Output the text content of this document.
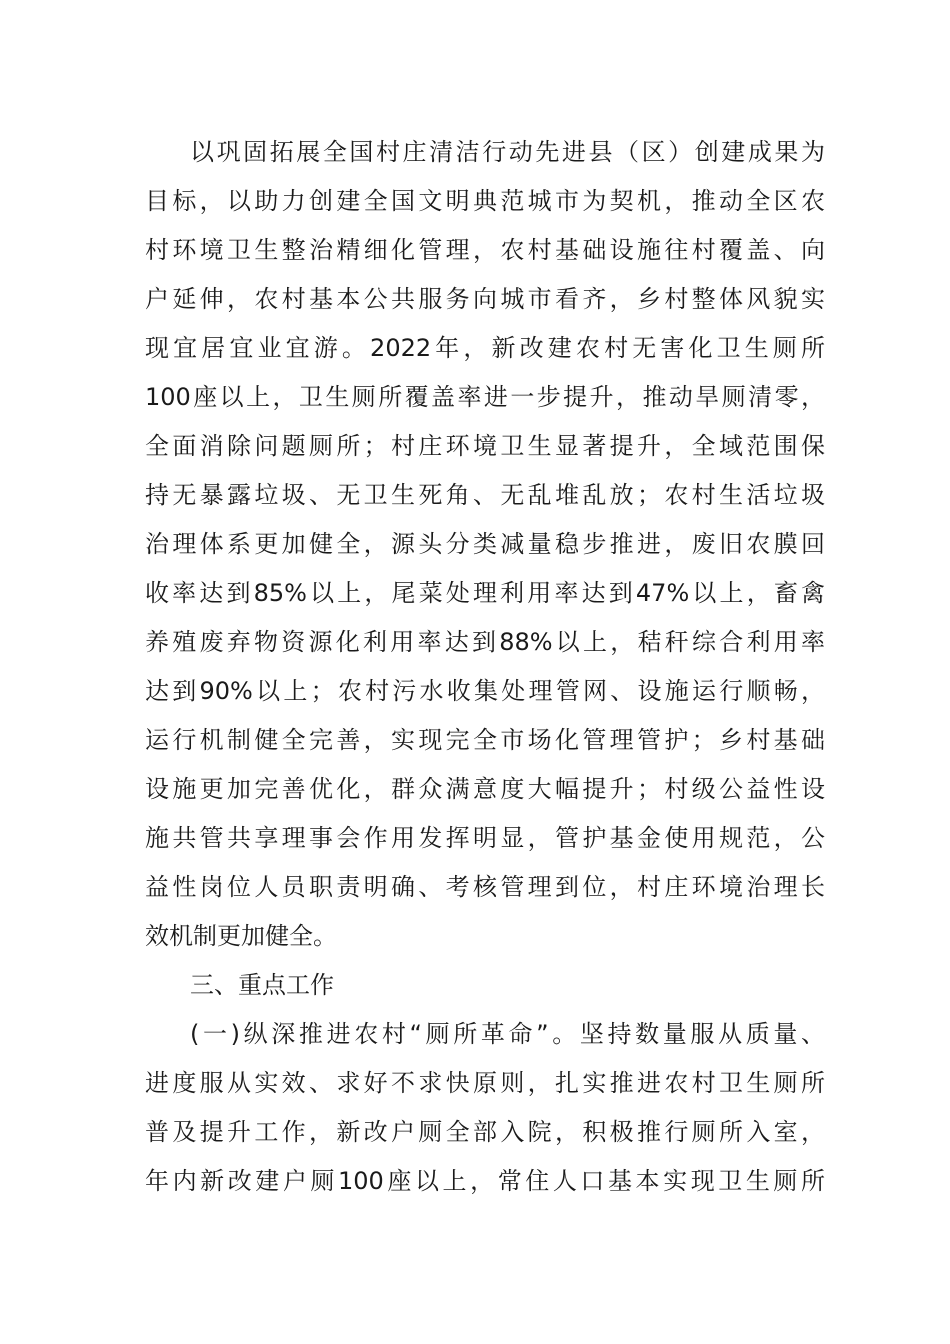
以巩固拓展全国村庄清洁行动先进县（区）创建成果为
目标，以助力创建全国文明典范城市为契机，推动全区农
村环境卫生整治精细化管理，农村基础设施往村覆盖、向
户延伸，农村基本公共服务向城市看齐，乡村整体风貌实
现宜居宜业宜游。2022年，新改建农村无害化卫生厕所
100座以上，卫生厕所覆盖率进一步提升，推动旱厕清零，
全面消除问题厕所；村庄环境卫生显著提升，全域范围保
持无暴露垃圾、无卫生死角、无乱堆乱放；农村生活垃圾
治理体系更加健全，源头分类减量稳步推进，废旧农膜回
收率达到85%以上，尾菜处理利用率达到47%以上，畜禽
养殖废弃物资源化利用率达到88%以上，秸秆综合利用率
达到90%以上；农村污水收集处理管网、设施运行顺畅，
运行机制健全完善，实现完全市场化管理管护；乡村基础
设施更加完善优化，群众满意度大幅提升；村级公益性设
施共管共享理事会作用发挥明显，管护基金使用规范，公
益性岗位人员职责明确、考核管理到位，村庄环境治理长
效机制更加健全。
三、重点工作
(一)纵深推进农村“厕所革命”。坚持数量服从质量、
进度服从实效、求好不求快原则，扎实推进农村卫生厕所
普及提升工作，新改户厕全部入院，积极推行厕所入室，
年内新改建户厕100座以上，常住人口基本实现卫生厕所
